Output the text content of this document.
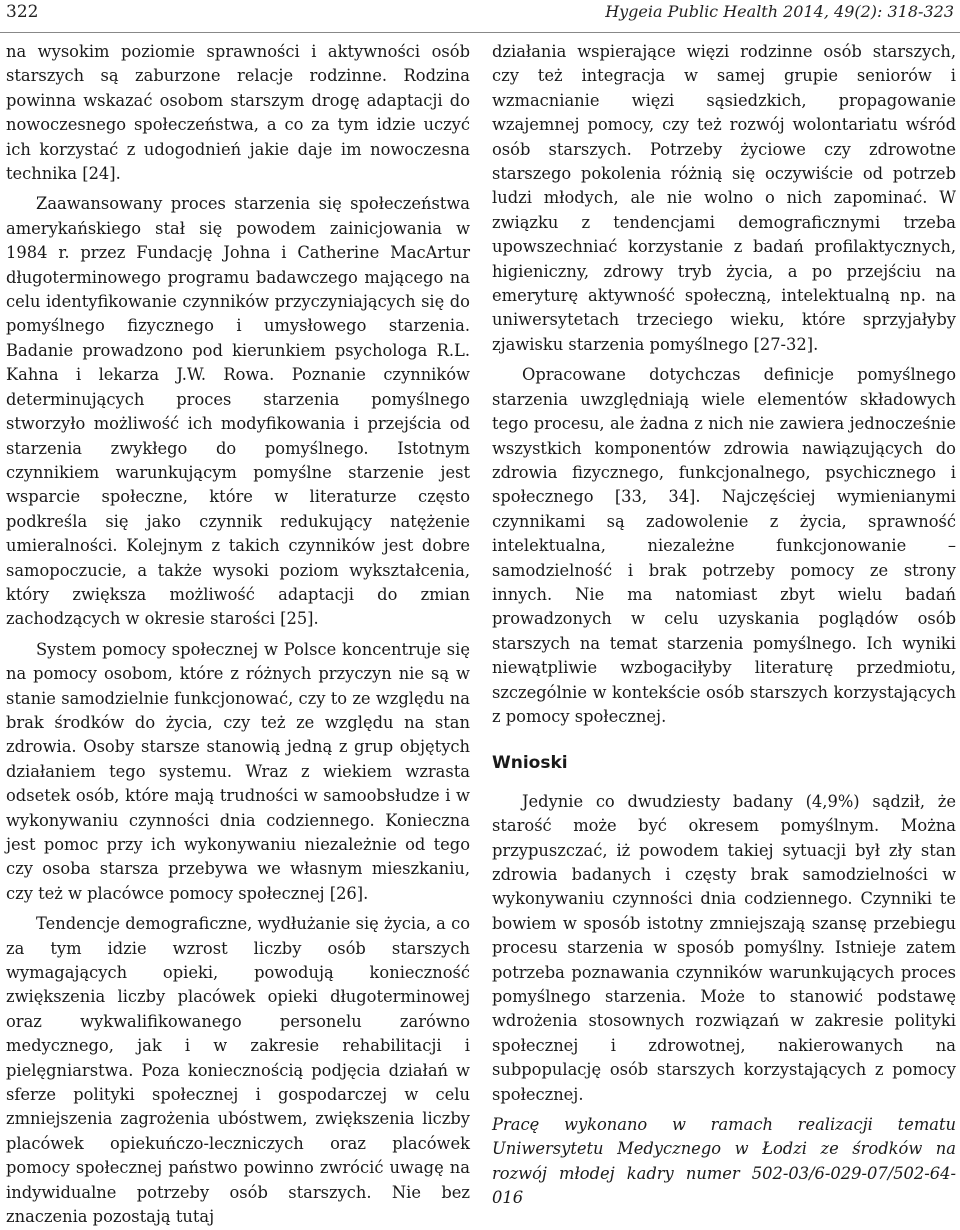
322	Hygeia Public Health 2014, 49(2): 318-323

na wysokim poziomie sprawności i aktywności osób starszych są zaburzone relacje rodzinne. Rodzina powinna wskazać osobom starszym drogę adaptacji do nowoczesnego społeczeństwa, a co za tym idzie uczyć ich korzystać z udogodnień jakie daje im nowoczesna technika [24].

Zaawansowany proces starzenia się społeczeństwa amerykańskiego stał się powodem zainicjowania w 1984 r. przez Fundację Johna i Catherine MacArtur długoterminowego programu badawczego mającego na celu identyfikowanie czynników przyczyniających się do pomyślnego fizycznego i umysłowego starzenia. Badanie prowadzono pod kierunkiem psychologa R.L. Kahna i lekarza J.W. Rowa. Poznanie czynników determinujących proces starzenia pomyślnego stworzyło możliwość ich modyfikowania i przejścia od starzenia zwykłego do pomyślnego. Istotnym czynnikiem warunkującym pomyślne starzenie jest wsparcie społeczne, które w literaturze często podkreśla się jako czynnik redukujący natężenie umieralności. Kolejnym z takich czynników jest dobre samopoczucie, a także wysoki poziom wykształcenia, który zwiększa możliwość adaptacji do zmian zachodzących w okresie starości [25].

System pomocy społecznej w Polsce koncentruje się na pomocy osobom, które z różnych przyczyn nie są w stanie samodzielnie funkcjonować, czy to ze względu na brak środków do życia, czy też ze względu na stan zdrowia. Osoby starsze stanowią jedną z grup objętych działaniem tego systemu. Wraz z wiekiem wzrasta odsetek osób, które mają trudności w samoobsłudze i w wykonywaniu czynności dnia codziennego. Konieczna jest pomoc przy ich wykonywaniu niezależnie od tego czy osoba starsza przebywa we własnym mieszkaniu, czy też w placówce pomocy społecznej [26].

Tendencje demograficzne, wydłużanie się życia, a co za tym idzie wzrost liczby osób starszych wymagających opieki, powodują konieczność zwiększenia liczby placówek opieki długoterminowej oraz wykwalifikowanego personelu zarówno medycznego, jak i w zakresie rehabilitacji i pielęgniarstwa. Poza koniecznością podjęcia działań w sferze polityki społecznej i gospodarczej w celu zmniejszenia zagrożenia ubóstwem, zwiększenia liczby placówek opiekuńczo-leczniczych oraz placówek pomocy społecznej państwo powinno zwrócić uwagę na indywidualne potrzeby osób starszych. Nie bez znaczenia pozostają tutaj

działania wspierające więzi rodzinne osób starszych, czy też integracja w samej grupie seniorów i wzmacnianie więzi sąsiedzkich, propagowanie wzajemnej pomocy, czy też rozwój wolontariatu wśród osób starszych. Potrzeby życiowe czy zdrowotne starszego pokolenia różnią się oczywiście od potrzeb ludzi młodych, ale nie wolno o nich zapominać. W związku z tendencjami demograficznymi trzeba upowszechniać korzystanie z badań profilaktycznych, higieniczny, zdrowy tryb życia, a po przejściu na emeryturę aktywność społeczną, intelektualną np. na uniwersytetach trzeciego wieku, które sprzyjałyby zjawisku starzenia pomyślnego [27-32].

Opracowane dotychczas definicje pomyślnego starzenia uwzględniają wiele elementów składowych tego procesu, ale żadna z nich nie zawiera jednocześnie wszystkich komponentów zdrowia nawiązujących do zdrowia fizycznego, funkcjonalnego, psychicznego i społecznego [33, 34]. Najczęściej wymienianymi czynnikami są zadowolenie z życia, sprawność intelektualna, niezależne funkcjonowanie – samodzielność i brak potrzeby pomocy ze strony innych. Nie ma natomiast zbyt wielu badań prowadzonych w celu uzyskania poglądów osób starszych na temat starzenia pomyślnego. Ich wyniki niewątpliwie wzbogaciłyby literaturę przedmiotu, szczególnie w kontekście osób starszych korzystających z pomocy społecznej.

Wnioski

Jedynie co dwudziesty badany (4,9%) sądził, że starość może być okresem pomyślnym. Można przypuszczać, iż powodem takiej sytuacji był zły stan zdrowia badanych i częsty brak samodzielności w wykonywaniu czynności dnia codziennego. Czynniki te bowiem w sposób istotny zmniejszają szansę przebiegu procesu starzenia w sposób pomyślny. Istnieje zatem potrzeba poznawania czynników warunkujących proces pomyślnego starzenia. Może to stanowić podstawę wdrożenia stosownych rozwiązań w zakresie polityki społecznej i zdrowotnej, nakierowanych na subpopulację osób starszych korzystających z pomocy społecznej.

Pracę wykonano w ramach realizacji tematu Uniwersytetu Medycznego w Łodzi ze środków na rozwój młodej kadry numer 502-03/6-029-07/502-64-016
